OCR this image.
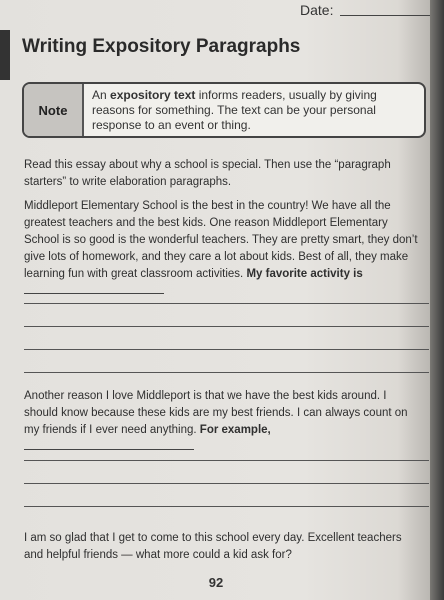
Date:
Writing Expository Paragraphs
Note
An expository text informs readers, usually by giving reasons for something. The text can be your personal response to an event or thing.
Read this essay about why a school is special. Then use the “paragraph starters” to write elaboration paragraphs.
Middleport Elementary School is the best in the country! We have all the greatest teachers and the best kids. One reason Middleport Elementary School is so good is the wonderful teachers. They are pretty smart, they don’t give lots of homework, and they care a lot about kids. Best of all, they make learning fun with great classroom activities. My favorite activity is
Another reason I love Middleport is that we have the best kids around. I should know because these kids are my best friends. I can always count on my friends if I ever need anything. For example,
I am so glad that I get to come to this school every day. Excellent teachers and helpful friends — what more could a kid ask for?
92
